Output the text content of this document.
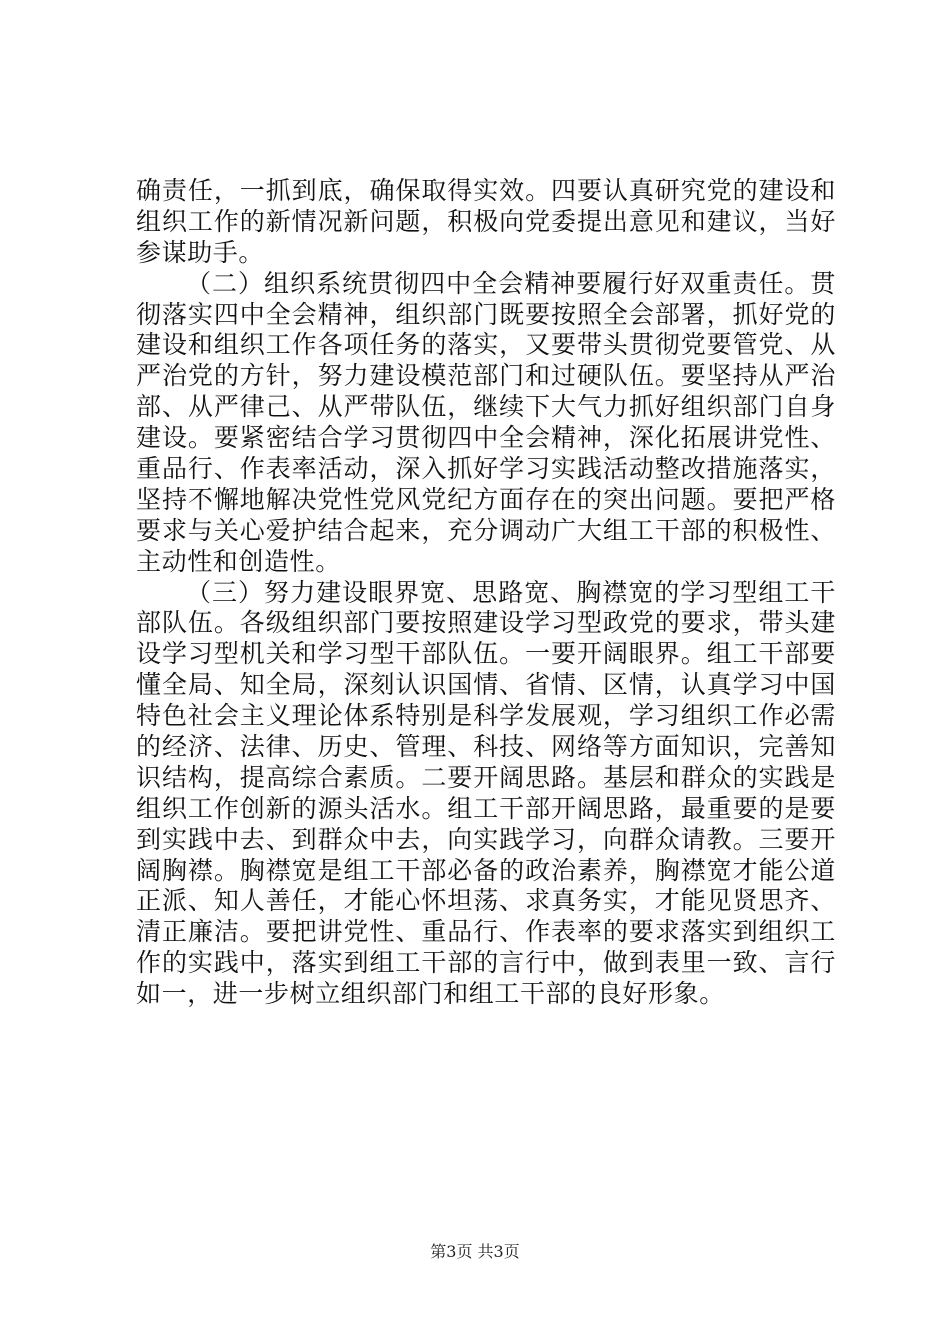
确责任，一抓到底，确保取得实效。四要认真研究党的建设和
组织工作的新情况新问题，积极向党委提出意见和建议，当好
参谋助手。
（二）组织系统贯彻四中全会精神要履行好双重责任。贯
彻落实四中全会精神，组织部门既要按照全会部署，抓好党的
建设和组织工作各项任务的落实，又要带头贯彻党要管党、从
严治党的方针，努力建设模范部门和过硬队伍。要坚持从严治
部、从严律己、从严带队伍，继续下大气力抓好组织部门自身
建设。要紧密结合学习贯彻四中全会精神，深化拓展讲党性、
重品行、作表率活动，深入抓好学习实践活动整改措施落实，
坚持不懈地解决党性党风党纪方面存在的突出问题。要把严格
要求与关心爱护结合起来，充分调动广大组工干部的积极性、
主动性和创造性。
（三）努力建设眼界宽、思路宽、胸襟宽的学习型组工干
部队伍。各级组织部门要按照建设学习型政党的要求，带头建
设学习型机关和学习型干部队伍。一要开阔眼界。组工干部要
懂全局、知全局，深刻认识国情、省情、区情，认真学习中国
特色社会主义理论体系特别是科学发展观，学习组织工作必需
的经济、法律、历史、管理、科技、网络等方面知识，完善知
识结构，提高综合素质。二要开阔思路。基层和群众的实践是
组织工作创新的源头活水。组工干部开阔思路，最重要的是要
到实践中去、到群众中去，向实践学习，向群众请教。三要开
阔胸襟。胸襟宽是组工干部必备的政治素养，胸襟宽才能公道
正派、知人善任，才能心怀坦荡、求真务实，才能见贤思齐、
清正廉洁。要把讲党性、重品行、作表率的要求落实到组织工
作的实践中，落实到组工干部的言行中，做到表里一致、言行
如一，进一步树立组织部门和组工干部的良好形象。
第3页 共3页
